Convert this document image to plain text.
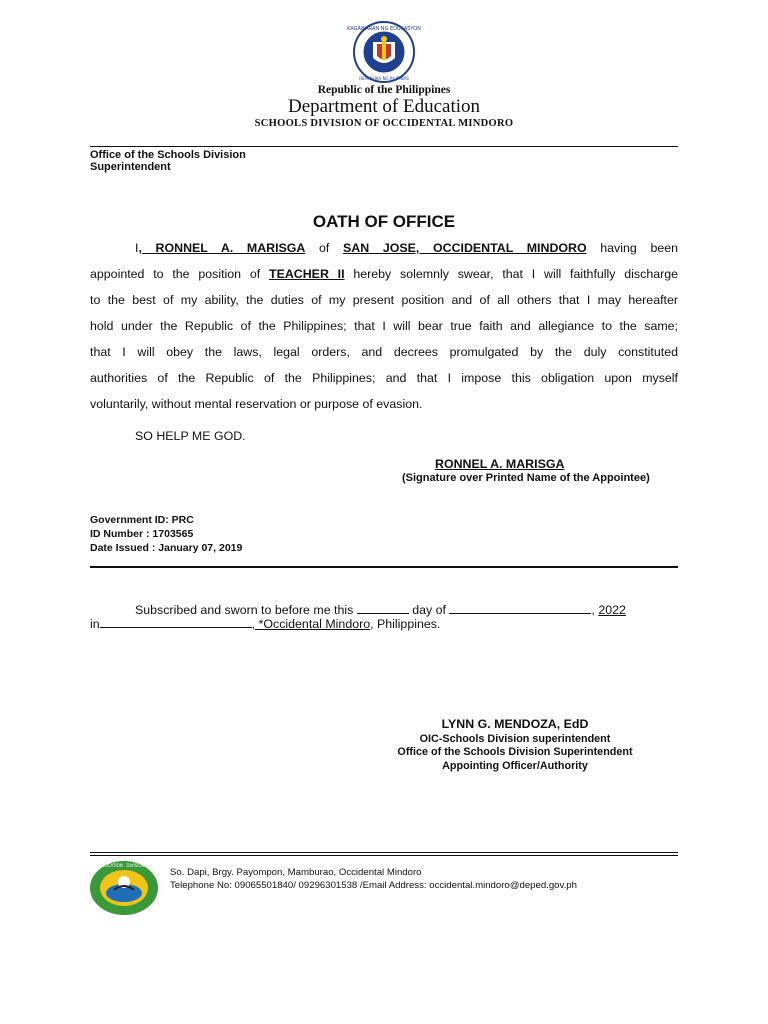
KAGAWARAN NG EDUKASYON
REPUBLIKA NG PILIPINAS
Republic of the Philippines
Department of Education
SCHOOLS DIVISION OF OCCIDENTAL MINDORO
Office of the Schools Division
Superintendent
OATH OF OFFICE
I, RONNEL A. MARISGA of SAN JOSE, OCCIDENTAL MINDORO having been
appointed to the position of TEACHER II hereby solemnly swear, that I will faithfully discharge
to the best of my ability, the duties of my present position and of all others that I may hereafter
hold under the Republic of the Philippines; that I will bear true faith and allegiance to the same;
that I will obey the laws, legal orders, and decrees promulgated by the duly constituted
authorities of the Republic of the Philippines; and that I impose this obligation upon myself
voluntarily, without mental reservation or purpose of evasion.
SO HELP ME GOD.
RONNEL A. MARISGA
(Signature over Printed Name of the Appointee)
Government ID: PRC
ID Number : 1703565
Date Issued : January 07, 2019
Subscribed and sworn to before me this	day of	, 2022
in	, *Occidental Mindoro, Philippines.
LYNN G. MENDOZA, EdD
OIC-Schools Division superintendent
Office of the Schools Division Superintendent
Appointing Officer/Authority
DEPARTMENT OF EDUCATION · DIVISION OF OCC. MINDORO
So. Dapi, Brgy. Payompon, Mamburao, Occidental Mindoro
Telephone No: 09065501840/ 09296301538 /Email Address: occidental.mindoro@deped.gov.ph
